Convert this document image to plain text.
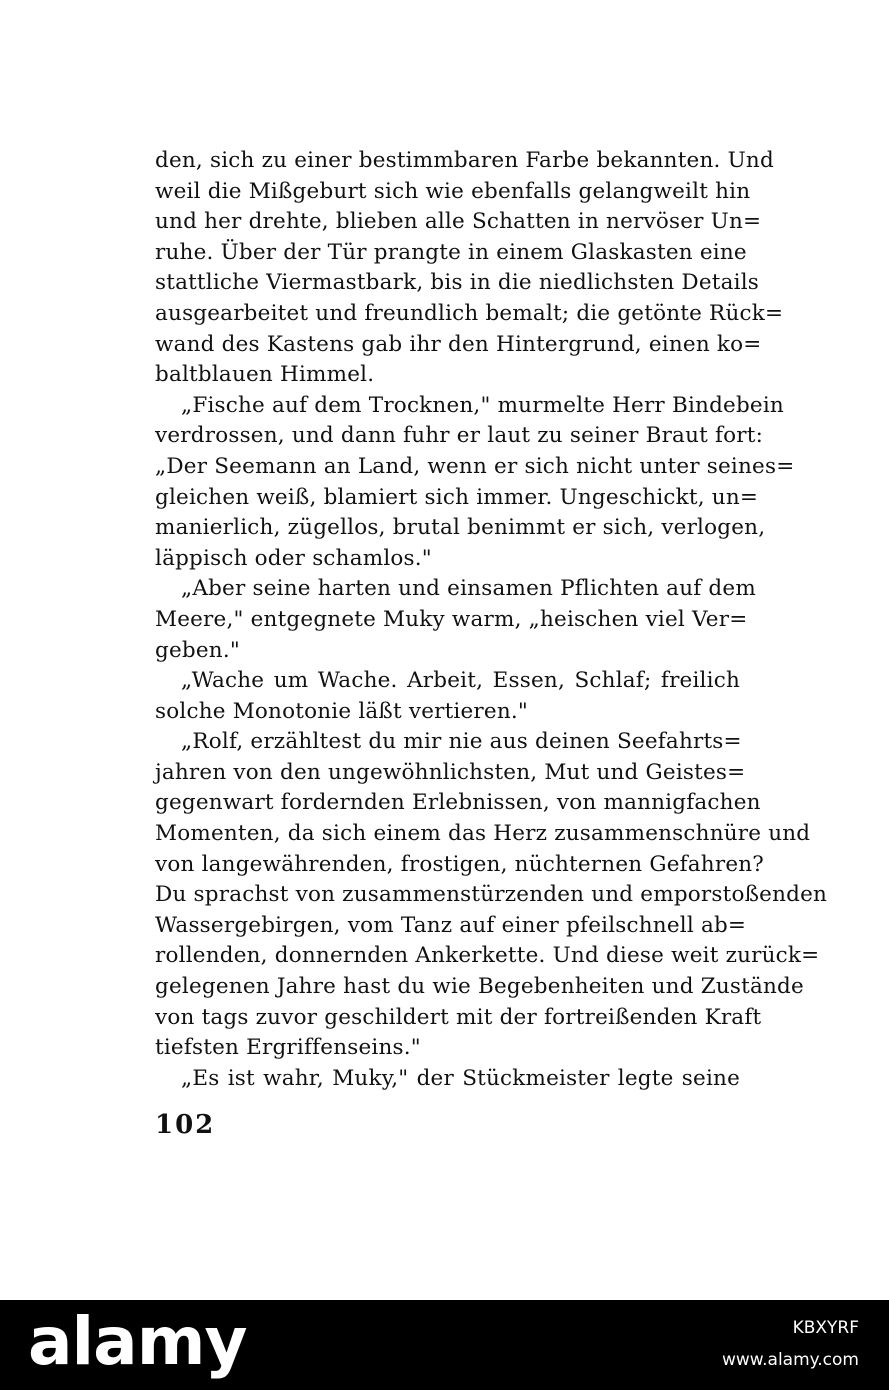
den, sich zu einer bestimmbaren Farbe bekannten. Und
weil die Mißgeburt sich wie ebenfalls gelangweilt hin
und her drehte, blieben alle Schatten in nervöser Un=
ruhe. Über der Tür prangte in einem Glaskasten eine
stattliche Viermastbark, bis in die niedlichsten Details
ausgearbeitet und freundlich bemalt; die getönte Rück=
wand des Kastens gab ihr den Hintergrund, einen ko=
baltblauen Himmel.
„Fische auf dem Trocknen," murmelte Herr Bindebein
verdrossen, und dann fuhr er laut zu seiner Braut fort:
„Der Seemann an Land, wenn er sich nicht unter seines=
gleichen weiß, blamiert sich immer. Ungeschickt, un=
manierlich, zügellos, brutal benimmt er sich, verlogen,
läppisch oder schamlos."
„Aber seine harten und einsamen Pflichten auf dem
Meere," entgegnete Muky warm, „heischen viel Ver=
geben."
„Wache um Wache. Arbeit, Essen, Schlaf; freilich
solche Monotonie läßt vertieren."
„Rolf, erzähltest du mir nie aus deinen Seefahrts=
jahren von den ungewöhnlichsten, Mut und Geistes=
gegenwart fordernden Erlebnissen, von mannigfachen
Momenten, da sich einem das Herz zusammenschnüre und
von langewährenden, frostigen, nüchternen Gefahren?
Du sprachst von zusammenstürzenden und emporstoßenden
Wassergebirgen, vom Tanz auf einer pfeilschnell ab=
rollenden, donnernden Ankerkette. Und diese weit zurück=
gelegenen Jahre hast du wie Begebenheiten und Zustände
von tags zuvor geschildert mit der fortreißenden Kraft
tiefsten Ergriffenseins."
„Es ist wahr, Muky," der Stückmeister legte seine
102
alamy	KBXYRF
www.alamy.com
